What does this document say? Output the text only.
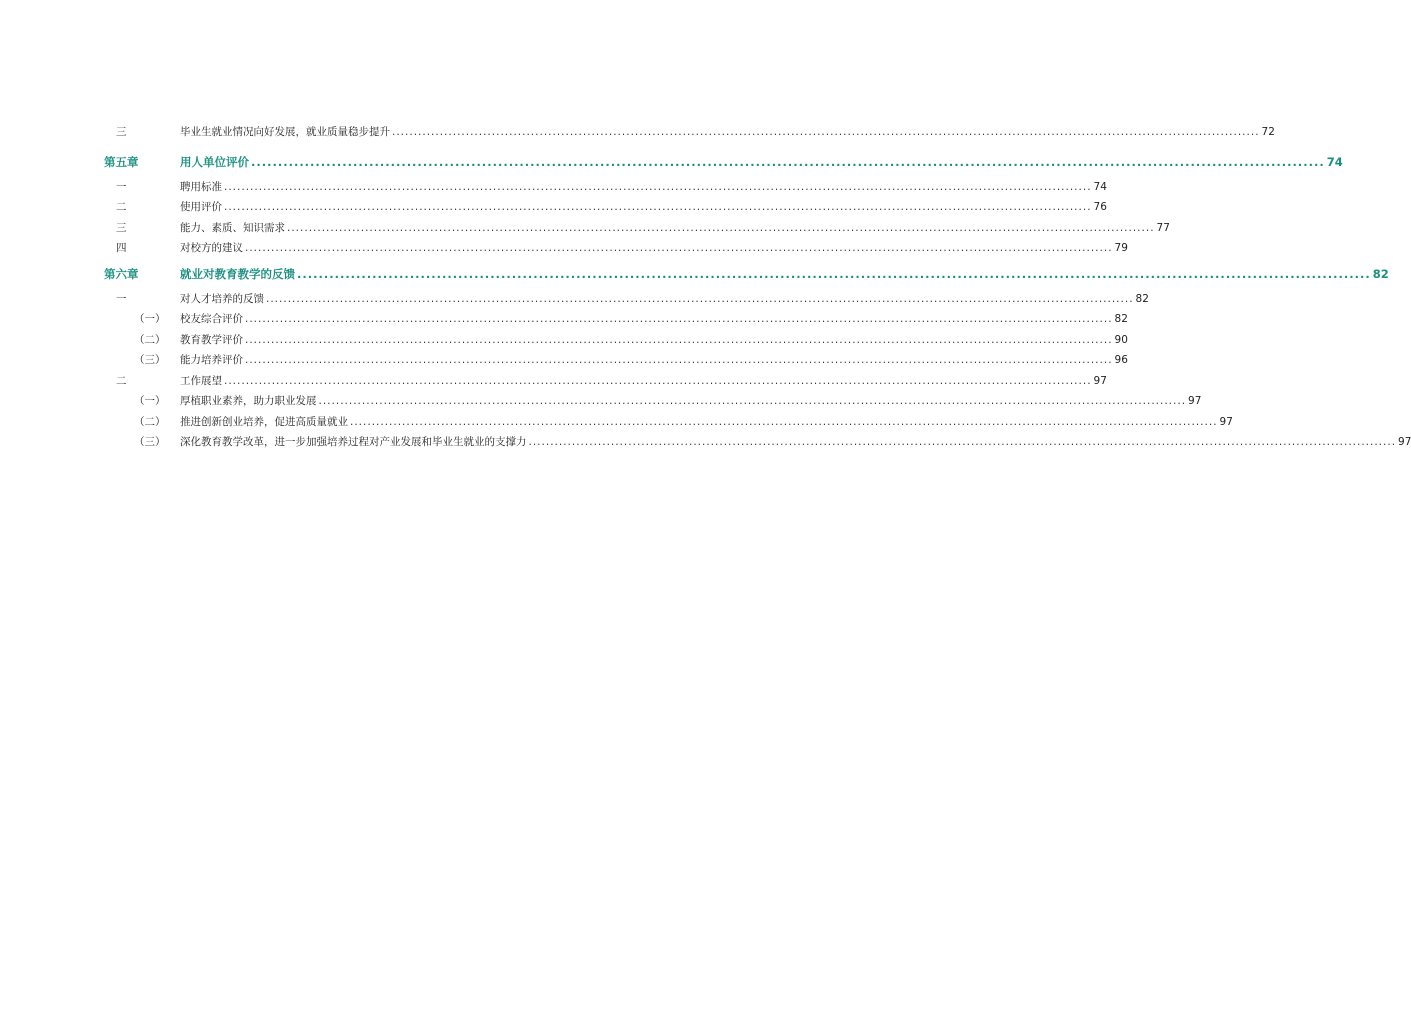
三	毕业生就业情况向好发展，就业质量稳步提升 ........................................................................................................................................................................................................ 72
第五章	用人单位评价 ........................................................................................................................................................................................................ 74
一	聘用标准 ........................................................................................................................................................................................................ 74
二	使用评价 ........................................................................................................................................................................................................ 76
三	能力、素质、知识需求 ........................................................................................................................................................................................................ 77
四	对校方的建议 ........................................................................................................................................................................................................ 79
第六章	就业对教育教学的反馈 ........................................................................................................................................................................................................ 82
一	对人才培养的反馈 ........................................................................................................................................................................................................ 82
（一） 校友综合评价 ........................................................................................................................................................................................................ 82
（二） 教育教学评价 ........................................................................................................................................................................................................ 90
（三） 能力培养评价 ........................................................................................................................................................................................................ 96
二	工作展望 ........................................................................................................................................................................................................ 97
（一） 厚植职业素养，助力职业发展 ........................................................................................................................................................................................................ 97
（二） 推进创新创业培养，促进高质量就业 ........................................................................................................................................................................................................ 97
（三） 深化教育教学改革，进一步加强培养过程对产业发展和毕业生就业的支撑力 ........................................................................................................................................................................................................ 97
